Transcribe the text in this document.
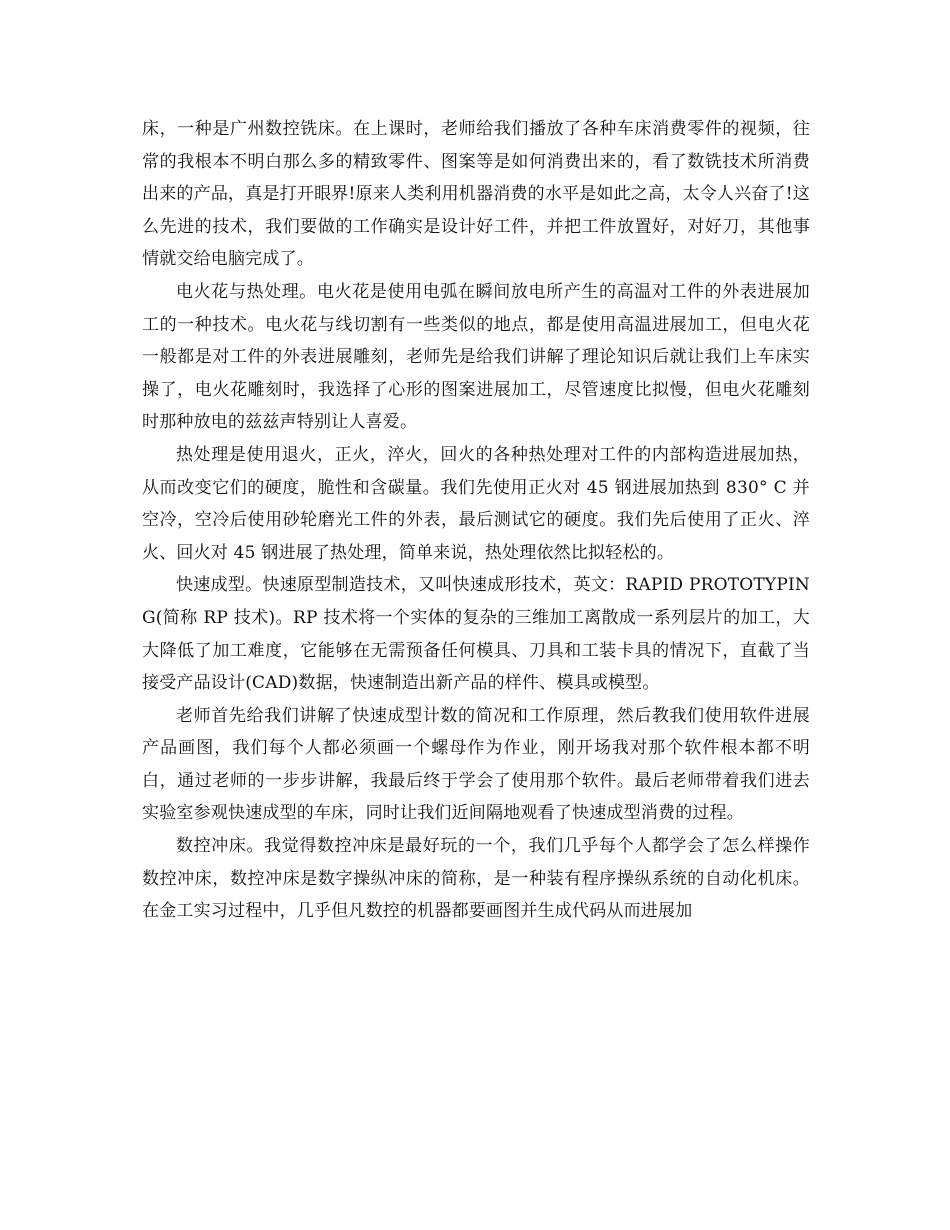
床，一种是广州数控铣床。在上课时，老师给我们播放了各种车床消费零件的视频，往常的我根本不明白那么多的精致零件、图案等是如何消费出来的，看了数铣技术所消费出来的产品，真是打开眼界!原来人类利用机器消费的水平是如此之高，太令人兴奋了!这么先进的技术，我们要做的工作确实是设计好工件，并把工件放置好，对好刀，其他事情就交给电脑完成了。

电火花与热处理。电火花是使用电弧在瞬间放电所产生的高温对工件的外表进展加工的一种技术。电火花与线切割有一些类似的地点，都是使用高温进展加工，但电火花一般都是对工件的外表进展雕刻，老师先是给我们讲解了理论知识后就让我们上车床实操了，电火花雕刻时，我选择了心形的图案进展加工，尽管速度比拟慢，但电火花雕刻时那种放电的兹兹声特别让人喜爱。

热处理是使用退火，正火，淬火，回火的各种热处理对工件的内部构造进展加热，从而改变它们的硬度，脆性和含碳量。我们先使用正火对 45 钢进展加热到 830° C 并空冷，空冷后使用砂轮磨光工件的外表，最后测试它的硬度。我们先后使用了正火、淬火、回火对 45 钢进展了热处理，简单来说，热处理依然比拟轻松的。

快速成型。快速原型制造技术，又叫快速成形技术，英文：RAPID PROTOTYPING(简称 RP 技术)。RP 技术将一个实体的复杂的三维加工离散成一系列层片的加工，大大降低了加工难度，它能够在无需预备任何模具、刀具和工装卡具的情况下，直截了当接受产品设计(CAD)数据，快速制造出新产品的样件、模具或模型。

老师首先给我们讲解了快速成型计数的简况和工作原理，然后教我们使用软件进展产品画图，我们每个人都必须画一个螺母作为作业，刚开场我对那个软件根本都不明白，通过老师的一步步讲解，我最后终于学会了使用那个软件。最后老师带着我们进去实验室参观快速成型的车床，同时让我们近间隔地观看了快速成型消费的过程。

数控冲床。我觉得数控冲床是最好玩的一个，我们几乎每个人都学会了怎么样操作数控冲床，数控冲床是数字操纵冲床的简称，是一种装有程序操纵系统的自动化机床。在金工实习过程中，几乎但凡数控的机器都要画图并生成代码从而进展加
